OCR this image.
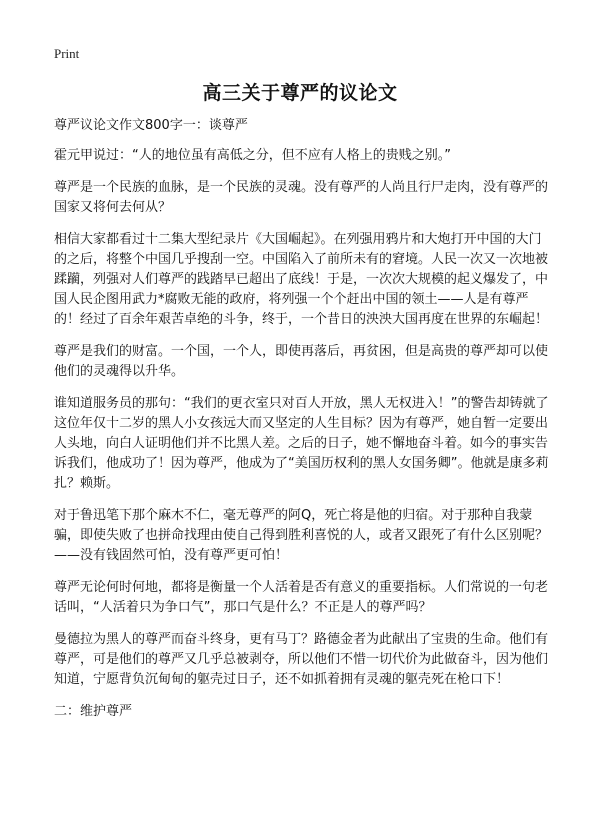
Print
高三关于尊严的议论文

尊严议论文作文800字一：谈尊严

霍元甲说过：“人的地位虽有高低之分，但不应有人格上的贵贱之别。”

尊严是一个民族的血脉，是一个民族的灵魂。没有尊严的人尚且行尸走肉，没有尊严的国家又将何去何从？

相信大家都看过十二集大型纪录片《大国崛起》。在列强用鸦片和大炮打开中国的大门的之后，将整个中国几乎搜刮一空。中国陷入了前所未有的窘境。人民一次又一次地被蹂躏，列强对人们尊严的践踏早已超出了底线！于是，一次次大规模的起义爆发了，中国人民企图用武力*腐败无能的政府，将列强一个个赶出中国的领土——人是有尊严的！经过了百余年艰苦卓绝的斗争，终于，一个昔日的泱泱大国再度在世界的东崛起！

尊严是我们的财富。一个国，一个人，即使再落后，再贫困，但是高贵的尊严却可以使他们的灵魂得以升华。

谁知道服务员的那句：“我们的更衣室只对百人开放，黑人无权进入！”的警告却铸就了这位年仅十二岁的黑人小女孩远大而又坚定的人生目标？因为有尊严，她自暂一定要出人头地，向白人证明他们并不比黑人差。之后的日子，她不懈地奋斗着。如今的事实告诉我们，他成功了！因为尊严，他成为了“美国历权利的黑人女国务卿”。他就是康多莉扎？赖斯。

对于鲁迅笔下那个麻木不仁，毫无尊严的阿Q，死亡将是他的归宿。对于那种自我蒙骗，即使失败了也拼命找理由使自己得到胜利喜悦的人，或者又跟死了有什么区别呢？——没有钱固然可怕，没有尊严更可怕！

尊严无论何时何地，都将是衡量一个人活着是否有意义的重要指标。人们常说的一句老话叫，“人活着只为争口气”，那口气是什么？不正是人的尊严吗？

曼德拉为黑人的尊严而奋斗终身，更有马丁？路德金者为此献出了宝贵的生命。他们有尊严，可是他们的尊严又几乎总被剥夺，所以他们不惜一切代价为此做奋斗，因为他们知道，宁愿背负沉甸甸的躯壳过日子，还不如抓着拥有灵魂的躯壳死在枪口下！

二：维护尊严
